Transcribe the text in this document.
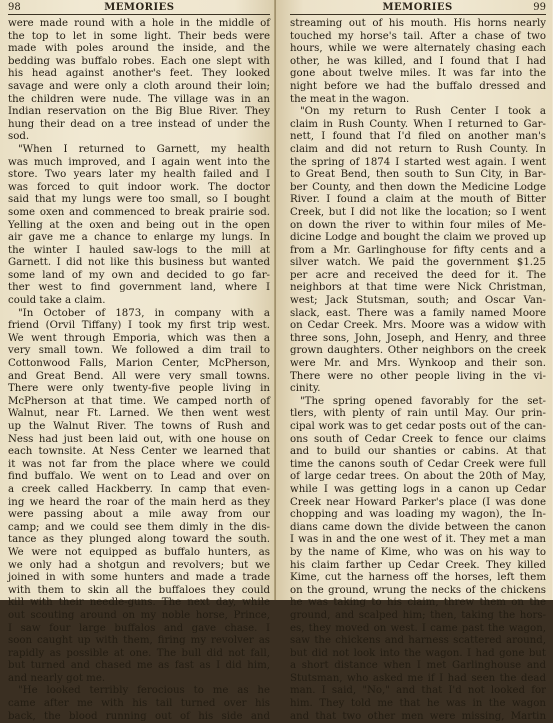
98	MEMORIES
were made round with a hole in the middle of
the top to let in some light. Their beds were
made with poles around the inside, and the
bedding was buffalo robes. Each one slept with
his head against another's feet. They looked
savage and were only a cloth around their loin;
the children were nude. The village was in an
Indian reservation on the Big Blue River. They
hung their dead on a tree instead of under the
sod.
"When I returned to Garnett, my health
was much improved, and I again went into the
store. Two years later my health failed and I
was forced to quit indoor work. The doctor
said that my lungs were too small, so I bought
some oxen and commenced to break prairie sod.
Yelling at the oxen and being out in the open
air gave me a chance to enlarge my lungs. In
the winter I hauled saw-logs to the mill at
Garnett. I did not like this business but wanted
some land of my own and decided to go far-
ther west to find government land, where I
could take a claim.
"In October of 1873, in company with a
friend (Orvil Tiffany) I took my first trip west.
We went through Emporia, which was then a
very small town. We followed a dim trail to
Cottonwood Falls, Marion Center, McPherson,
and Great Bend. All were very small towns.
There were only twenty-five people living in
McPherson at that time. We camped north of
Walnut, near Ft. Larned. We then went west
up the Walnut River. The towns of Rush and
Ness had just been laid out, with one house on
each townsite. At Ness Center we learned that
it was not far from the place where we could
find buffalo. We went on to Lead and over on
a creek called Hackberry. In camp that even-
ing we heard the roar of the main herd as they
were passing about a mile away from our
camp; and we could see them dimly in the dis-
tance as they plunged along toward the south.
We were not equipped as buffalo hunters, as
we only had a shotgun and revolvers; but we
joined in with some hunters and made a trade
with them to skin all the buffaloes they could
kill with their needle-guns. The next day, while
out scouting around on my noble horse, Prince,
I saw four large buffalos and gave chase. I
soon caught up with them, firing my revolver as
rapidly as possible at one. The bull did not fall,
but turned and chased me as fast as I did him,
and nearly got me.
"He looked terribly ferocious to me as he
came after me with his tail turned over his
back, the blood running out of his side and
MEMORIES	99
streaming out of his mouth. His horns nearly
touched my horse's tail. After a chase of two
hours, while we were alternately chasing each
other, he was killed, and I found that I had
gone about twelve miles. It was far into the
night before we had the buffalo dressed and
the meat in the wagon.
"On my return to Rush Center I took a
claim in Rush County. When I returned to Gar-
nett, I found that I'd filed on another man's
claim and did not return to Rush County. In
the spring of 1874 I started west again. I went
to Great Bend, then south to Sun City, in Bar-
ber County, and then down the Medicine Lodge
River. I found a claim at the mouth of Bitter
Creek, but I did not like the location; so I went
on down the river to within four miles of Me-
dicine Lodge and bought the claim we proved up
from a Mr. Garlinghouse for fifty cents and a
silver watch. We paid the government $1.25
per acre and received the deed for it. The
neighbors at that time were Nick Christman,
west; Jack Stutsman, south; and Oscar Van-
slack, east. There was a family named Moore
on Cedar Creek. Mrs. Moore was a widow with
three sons, John, Joseph, and Henry, and three
grown daughters. Other neighbors on the creek
were Mr. and Mrs. Wynkoop and their son.
There were no other people living in the vi-
cinity.
"The spring opened favorably for the set-
tlers, with plenty of rain until May. Our prin-
cipal work was to get cedar posts out of the can-
ons south of Cedar Creek to fence our claims
and to build our shanties or cabins. At that
time the canons south of Cedar Creek were full
of large cedar trees. On about the 20th of May,
while I was getting logs in a canon up Cedar
Creek near Howard Parker's place (I was done
chopping and was loading my wagon), the In-
dians came down the divide between the canon
I was in and the one west of it. They met a man
by the name of Kime, who was on his way to
his claim farther up Cedar Creek. They killed
Kime, cut the harness off the horses, left them
on the ground, wrung the necks of the chickens
he was taking to his claim, threw them on the
ground, and scalped him; then, taking the hors-
es, they moved on west. I came past the wagon,
saw the chickens and harness scattered around,
but did not look into the wagon. I had gone but
a short distance when I met Garlinghouse and
Stutsman, who asked me if I had seen the dead
man. I said, "No," and that I'd not looked for
him. They told me that he was in the wagon
and that two other men were missing, Martin
